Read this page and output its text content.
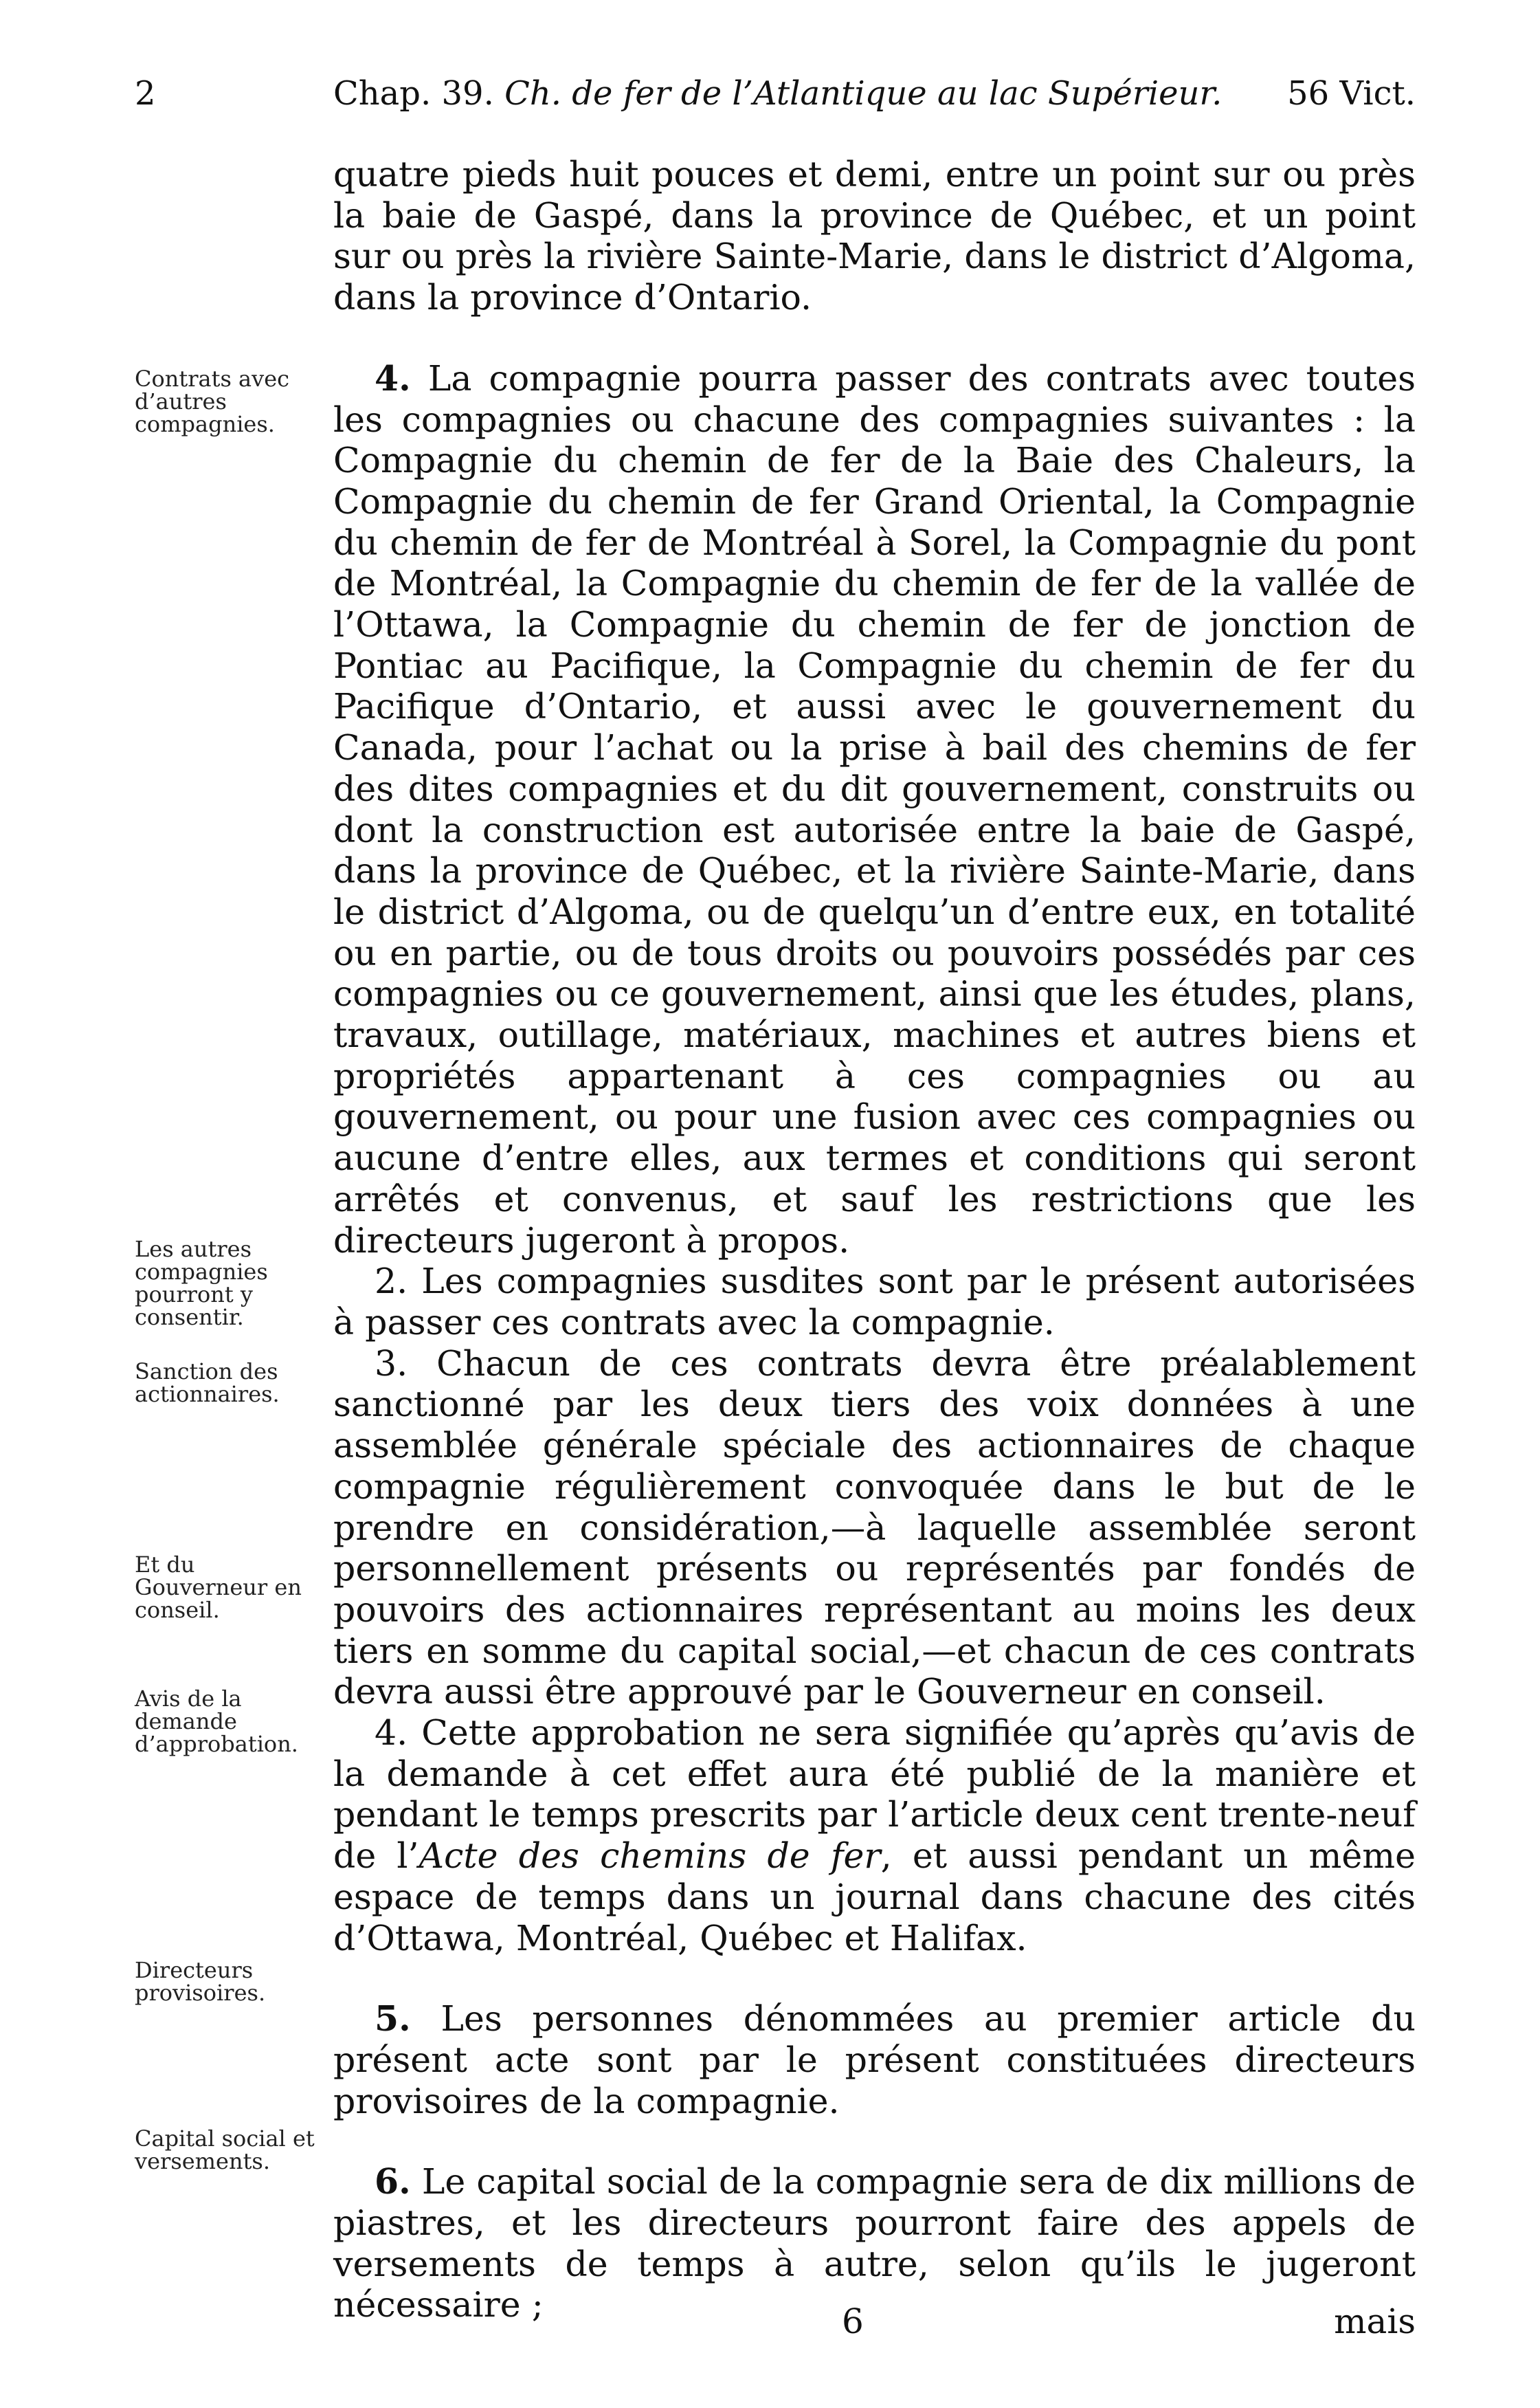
2	Chap. 39. Ch. de fer de l’Atlantique au lac Supérieur. 56 Vict.
Contrats avec d’autres compagnies.
Les autres compagnies pourront y consentir.
Sanction des actionnaires.
Et du Gouverneur en conseil.
Avis de la demande d’approbation.
Directeurs provisoires.
Capital social et versements.

quatre pieds huit pouces et demi, entre un point sur ou près la baie de Gaspé, dans la province de Québec, et un point sur ou près la rivière Sainte-Marie, dans le district d’Algoma, dans la province d’Ontario.

4. La compagnie pourra passer des contrats avec toutes les compagnies ou chacune des compagnies suivantes : la Compagnie du chemin de fer de la Baie des Chaleurs, la Compagnie du chemin de fer Grand Oriental, la Compagnie du chemin de fer de Montréal à Sorel, la Compagnie du pont de Montréal, la Compagnie du chemin de fer de la vallée de l’Ottawa, la Compagnie du chemin de fer de jonction de Pontiac au Pacifique, la Compagnie du chemin de fer du Pacifique d’Ontario, et aussi avec le gouvernement du Canada, pour l’achat ou la prise à bail des chemins de fer des dites compagnies et du dit gouvernement, construits ou dont la construction est autorisée entre la baie de Gaspé, dans la province de Québec, et la rivière Sainte-Marie, dans le district d’Algoma, ou de quelqu’un d’entre eux, en totalité ou en partie, ou de tous droits ou pouvoirs possédés par ces compagnies ou ce gouvernement, ainsi que les études, plans, travaux, outillage, matériaux, machines et autres biens et propriétés appartenant à ces compagnies ou au gouvernement, ou pour une fusion avec ces compagnies ou aucune d’entre elles, aux termes et conditions qui seront arrêtés et convenus, et sauf les restrictions que les directeurs jugeront à propos.

2. Les compagnies susdites sont par le présent autorisées à passer ces contrats avec la compagnie.

3. Chacun de ces contrats devra être préalablement sanctionné par les deux tiers des voix données à une assemblée générale spéciale des actionnaires de chaque compagnie régulièrement convoquée dans le but de le prendre en considération,—à laquelle assemblée seront personnellement présents ou représentés par fondés de pouvoirs des actionnaires représentant au moins les deux tiers en somme du capital social,—et chacun de ces contrats devra aussi être approuvé par le Gouverneur en conseil.

4. Cette approbation ne sera signifiée qu’après qu’avis de la demande à cet effet aura été publié de la manière et pendant le temps prescrits par l’article deux cent trente-neuf de l’Acte des chemins de fer, et aussi pendant un même espace de temps dans un journal dans chacune des cités d’Ottawa, Montréal, Québec et Halifax.

5. Les personnes dénommées au premier article du présent acte sont par le présent constituées directeurs provisoires de la compagnie.

6. Le capital social de la compagnie sera de dix millions de piastres, et les directeurs pourront faire des appels de versements de temps à autre, selon qu’ils le jugeront nécessaire ;	6	mais
